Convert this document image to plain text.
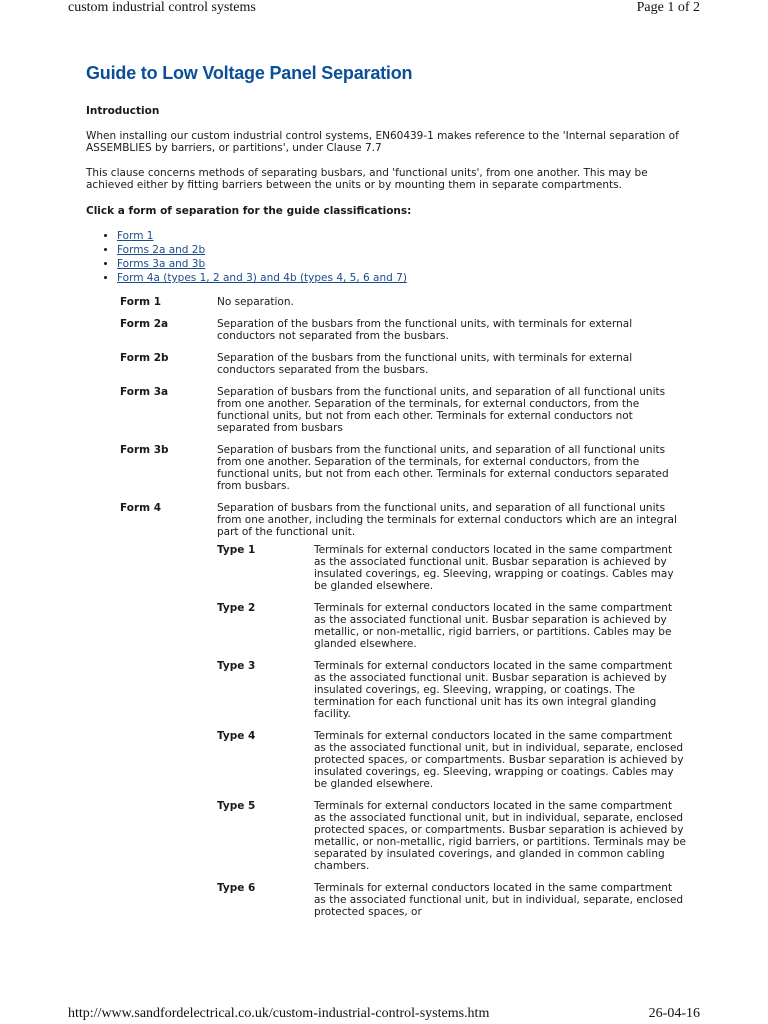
custom industrial control systems	Page 1 of 2
Guide to Low Voltage Panel Separation
Introduction

When installing our custom industrial control systems, EN60439-1 makes reference to the 'Internal separation of ASSEMBLIES by barriers, or partitions', under Clause 7.7

This clause concerns methods of separating busbars, and 'functional units', from one another. This may be achieved either by fitting barriers between the units or by mounting them in separate compartments.

Click a form of separation for the guide classifications:
• Form 1
• Forms 2a and 2b
• Forms 3a and 3b
• Form 4a (types 1, 2 and 3) and 4b (types 4, 5, 6 and 7)
Form 1	No separation.
Form 2a	Separation of the busbars from the functional units, with terminals for external conductors not separated from the busbars.
Form 2b	Separation of the busbars from the functional units, with terminals for external conductors separated from the busbars.
Form 3a	Separation of busbars from the functional units, and separation of all functional units from one another. Separation of the terminals, for external conductors, from the functional units, but not from each other. Terminals for external conductors not separated from busbars
Form 3b	Separation of busbars from the functional units, and separation of all functional units from one another. Separation of the terminals, for external conductors, from the functional units, but not from each other. Terminals for external conductors separated from busbars.
Form 4	Separation of busbars from the functional units, and separation of all functional units from one another, including the terminals for external conductors which are an integral part of the functional unit.
Type 1	Terminals for external conductors located in the same compartment as the associated functional unit. Busbar separation is achieved by insulated coverings, eg. Sleeving, wrapping or coatings. Cables may be glanded elsewhere.
Type 2	Terminals for external conductors located in the same compartment as the associated functional unit. Busbar separation is achieved by metallic, or non-metallic, rigid barriers, or partitions. Cables may be glanded elsewhere.
Type 3	Terminals for external conductors located in the same compartment as the associated functional unit. Busbar separation is achieved by insulated coverings, eg. Sleeving, wrapping, or coatings. The termination for each functional unit has its own integral glanding facility.
Type 4	Terminals for external conductors located in the same compartment as the associated functional unit, but in individual, separate, enclosed protected spaces, or compartments. Busbar separation is achieved by insulated coverings, eg. Sleeving, wrapping or coatings. Cables may be glanded elsewhere.
Type 5	Terminals for external conductors located in the same compartment as the associated functional unit, but in individual, separate, enclosed protected spaces, or compartments. Busbar separation is achieved by metallic, or non-metallic, rigid barriers, or partitions. Terminals may be separated by insulated coverings, and glanded in common cabling chambers.
Type 6	Terminals for external conductors located in the same compartment as the associated functional unit, but in individual, separate, enclosed protected spaces, or
http://www.sandfordelectrical.co.uk/custom-industrial-control-systems.htm	26-04-16
